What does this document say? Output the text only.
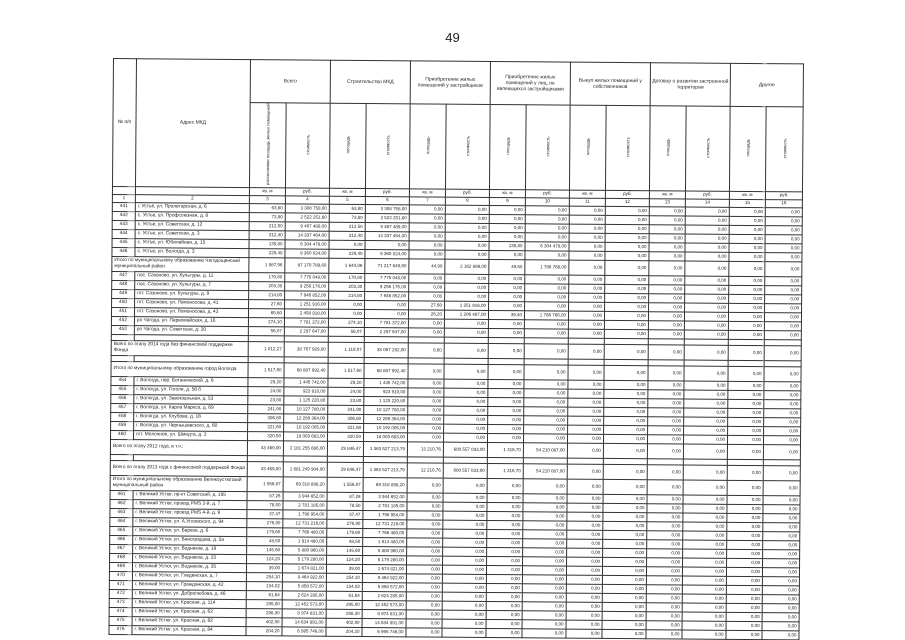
49
№ п/п	Адрес МКД	Всего		Строительство МКД		Приобретение жилых помещений у застройщиков		Приобретение жилых помещений у лиц, не являющихся застройщиками		Выкуп жилых помещений у собственников		Договор о развитии застроенной территории		Другое	
		расселяемая площадь жилых помещений	стоимость	площадь	стоимость	площадь	стоимость	площадь	стоимость	площадь	стоимость	площадь	стоимость	площадь	стоимость
		кв. м	руб.	кв. м	руб.	кв. м	руб.	кв. м	руб.	кв. м	руб.	кв. м	руб.	кв. м	руб.
1	2	3	4	5	6	7	8	9	10	11	12	13	14	15	16
441	г. Устье, ул. Пролетарская, д. 6	63,80	3 308 758,00	63,80	3 308 758,00	0,00	0,00	0,00	0,00	0,00	0,00	0,00	0,00	0,00	0,00
442	с. Устье, ул. Профсоюзная, д. 8	73,80	2 522 251,80	73,80	2 522 251,80	0,00	0,00	0,00	0,00	0,00	0,00	0,00	0,00	0,00	0,00
443	с. Устье, ул. Советская, д. 12	212,50	9 467 489,00	212,50	9 467 489,00	0,00	0,00	0,00	0,00	0,00	0,00	0,00	0,00	0,00	0,00
444	с. Устье, ул. Советская, д. 3	312,40	14 337 464,00	312,40	14 337 464,00	0,00	0,00	0,00	0,00	0,00	0,00	0,00	0,00	0,00	0,00
445	с. Устье, ул. Юбилейная, д. 15	135,80	6 304 478,00	0,00	0,00	0,00	0,00	135,80	6 304 478,00	0,00	0,00	0,00	0,00	0,00	0,00
446	с. Устье, ул. Вологда, д. 3	229,40	9 360 024,00	229,40	9 360 024,00	0,00	0,00	0,00	0,00	0,00	0,00	0,00	0,00	0,00	0,00
Итого по муниципальному образованию Чагодощенский муниципальный район		1 987,96	87 170 789,60	1 644,86	71 217 649,60	44,90	2 162 899,00	49,60	1 786 766,00	0,00	0,00	0,00	0,00	0,00	0,00
447	пос. Сазоново, ул. Культуры, д. 11	170,80	7 775 048,00	170,80	7 775 048,00	0,00	0,00	0,00	0,00	0,00	0,00	0,00	0,00	0,00	0,00
448	пос. Сазоново, ул. Культуры, д. 7	203,30	9 256 176,00	203,30	9 256 176,00	0,00	0,00	0,00	0,00	0,00	0,00	0,00	0,00	0,00	0,00
449	пгт. Сазоново, ул. Культуры, д. 9	214,80	7 946 852,00	214,80	7 946 852,00	0,00	0,00	0,00	0,00	0,00	0,00	0,00	0,00	0,00	0,00
450	пгт. Сазоново, ул. Ломоносова, д. 41	27,60	1 251 916,00	0,00	0,00	27,60	1 251 916,00	0,00	0,00	0,00	0,00	0,00	0,00	0,00	0,00
451	пгт. Сазоново, ул. Ломоносова, д. 43	65,60	2 458 918,00	0,00	0,00	26,20	1 206 487,00	39,40	1 786 766,00	0,00	0,00	0,00	0,00	0,00	0,00
452	рп Чагода, ул. Первомайская, д. 16	274,10	7 781 372,00	274,10	7 781 372,00	0,00	0,00	0,00	0,00	0,00	0,00	0,00	0,00	0,00	0,00
453	рп Чагода, ул. Советская, д. 20	56,07	2 297 647,00	56,07	2 297 647,00	0,00	0,00	0,00	0,00	0,00	0,00	0,00	0,00	0,00	0,00

Всего по этапу 2014 года без финансовой поддержки Фонда		1 012,27	38 767 929,00	1 119,07	38 067 292,00	0,00	0,00	0,00	0,00	0,00	0,00	0,00	0,00	0,00	0,00

Итого по муниципальному образованию город Вологда		1 517,60	68 887 992,40	1 517,60	68 887 992,40	0,00	0,00	0,00	0,00	0,00	0,00	0,00	0,00	0,00	0,00
454	г. Вологда, пер. Ботанический, д. 6	29,20	1 445 742,00	29,20	1 445 742,00	0,00	0,00	0,00	0,00	0,00	0,00	0,00	0,00	0,00	0,00
455	г. Вологда, ул. Гоголя, д. 58 б	24,00	923 910,00	24,00	923 910,00	0,00	0,00	0,00	0,00	0,00	0,00	0,00	0,00	0,00	0,00
456	г. Вологда, ул. Завокзальная, д. 53	23,80	1 125 220,80	23,80	1 125 220,80	0,00	0,00	0,00	0,00	0,00	0,00	0,00	0,00	0,00	0,00
457	г. Вологда, ул. Карла Маркса, д. 69	241,90	10 127 780,00	241,90	10 127 780,00	0,00	0,00	0,00	0,00	0,00	0,00	0,00	0,00	0,00	0,00
458	г. Вологда, ул. Клубова, д. 18	306,80	12 289 364,00	306,80	12 289 364,00	0,00	0,00	0,00	0,00	0,00	0,00	0,00	0,00	0,00	0,00
459	г. Вологда, ул. Чернышевского, д. 60	221,60	10 192 005,00	221,60	10 192 005,00	0,00	0,00	0,00	0,00	0,00	0,00	0,00	0,00	0,00	0,00
460	пгт. Молочное, ул. Шмидта, д. 3	320,50	18 003 683,00	320,50	18 003 683,00	0,00	0,00	0,00	0,00	0,00	0,00	0,00	0,00	0,00	0,00
Всего по этапу 2012 года, в т.ч.:		43 469,00	2 181 255 686,00	29 846,47	1 363 527 213,79	13 210,76	600 557 033,00	1 316,70	54 210 087,00	0,00	0,00	0,00	0,00	0,00	0,00

Всего по этапу 2013 года с финансовой поддержкой Фонда		43 469,00	1 881 249 904,00	29 846,47	1 363 527 213,79	12 210,76	600 557 033,00	1 316,70	54 210 087,00	0,00	0,00	0,00	0,00	0,00	0,00
Итого по муниципальному образованию Великоустюгский муниципальный район		1 556,87	69 318 898,20	1 556,87	69 318 898,20	0,00	0,00	0,00	0,00	0,00	0,00	0,00	0,00	0,00	0,00
461	г. Великий Устюг, пр-кт Советский, д. 195	87,26	3 944 652,00	87,26	3 944 652,00	0,00	0,00	0,00	0,00	0,00	0,00	0,00	0,00	0,00	0,00
462	г. Великий Устюг, проезд PMS 2-й, д. 7	78,50	2 781 185,00	78,50	2 781 185,00	0,00	0,00	0,00	0,00	0,00	0,00	0,00	0,00	0,00	0,00
463	г. Великий Устюг, проезд PMS 4-й, д. 9	37,47	1 798 954,00	37,47	1 798 954,00	0,00	0,00	0,00	0,00	0,00	0,00	0,00	0,00	0,00	0,00
464	г. Великий Устюг, ул. А.Угловского, д. 94	276,90	12 731 216,00	276,90	12 731 216,00	0,00	0,00	0,00	0,00	0,00	0,00	0,00	0,00	0,00	0,00
465	г. Великий Устюг, ул. Береза, д. 6	179,60	7 766 480,00	179,60	7 766 480,00	0,00	0,00	0,00	0,00	0,00	0,00	0,00	0,00	0,00	0,00
466	г. Великий Устюг, ул. Виноградова, д. 5а	48,50	1 914 480,00	48,50	1 914 480,00	0,00	0,00	0,00	0,00	0,00	0,00	0,00	0,00	0,00	0,00
467	г. Великий Устюг, ул. Водников, д. 19	145,60	5 880 960,00	145,60	5 880 960,00	0,00	0,00	0,00	0,00	0,00	0,00	0,00	0,00	0,00	0,00
468	г. Великий Устюг, ул. Водников, д. 33	124,20	5 179 280,00	124,20	5 179 280,00	0,00	0,00	0,00	0,00	0,00	0,00	0,00	0,00	0,00	0,00
469	г. Великий Устюг, ул. Водников, д. 35	39,00	1 674 821,00	39,00	1 674 821,00	0,00	0,00	0,00	0,00	0,00	0,00	0,00	0,00	0,00	0,00
470	г. Великий Устюг, ул. Гледенская, д. 7	254,10	9 464 922,00	254,10	9 464 922,00	0,00	0,00	0,00	0,00	0,00	0,00	0,00	0,00	0,00	0,00
471	г. Великий Устюг, ул. Гражданская, д. 42	134,02	5 858 572,00	134,02	5 858 572,00	0,00	0,00	0,00	0,00	0,00	0,00	0,00	0,00	0,00	0,00
472	г. Великий Устюг, ул. Добролюбова, д. 46	61,64	2 624 285,00	61,64	2 624 285,00	0,00	0,00	0,00	0,00	0,00	0,00	0,00	0,00	0,00	0,00
473	г. Великий Устюг, ул. Красная, д. 114	295,00	12 452 573,00	295,00	12 452 573,00	0,00	0,00	0,00	0,00	0,00	0,00	0,00	0,00	0,00	0,00
474	г. Великий Устюг, ул. Красная, д. 62	298,30	8 974 831,00	298,30	8 974 831,00	0,00	0,00	0,00	0,00	0,00	0,00	0,00	0,00	0,00	0,00
475	г. Великий Устюг, ул. Красная, д. 82	402,90	14 634 891,00	402,90	14 634 891,00	0,00	0,00	0,00	0,00	0,00	0,00	0,00	0,00	0,00	0,00
476	г. Великий Устюг, ул. Красная, д. 84	204,20	6 995 746,00	204,20	6 995 746,00	0,00	0,00	0,00	0,00	0,00	0,00	0,00	0,00	0,00	0,00
